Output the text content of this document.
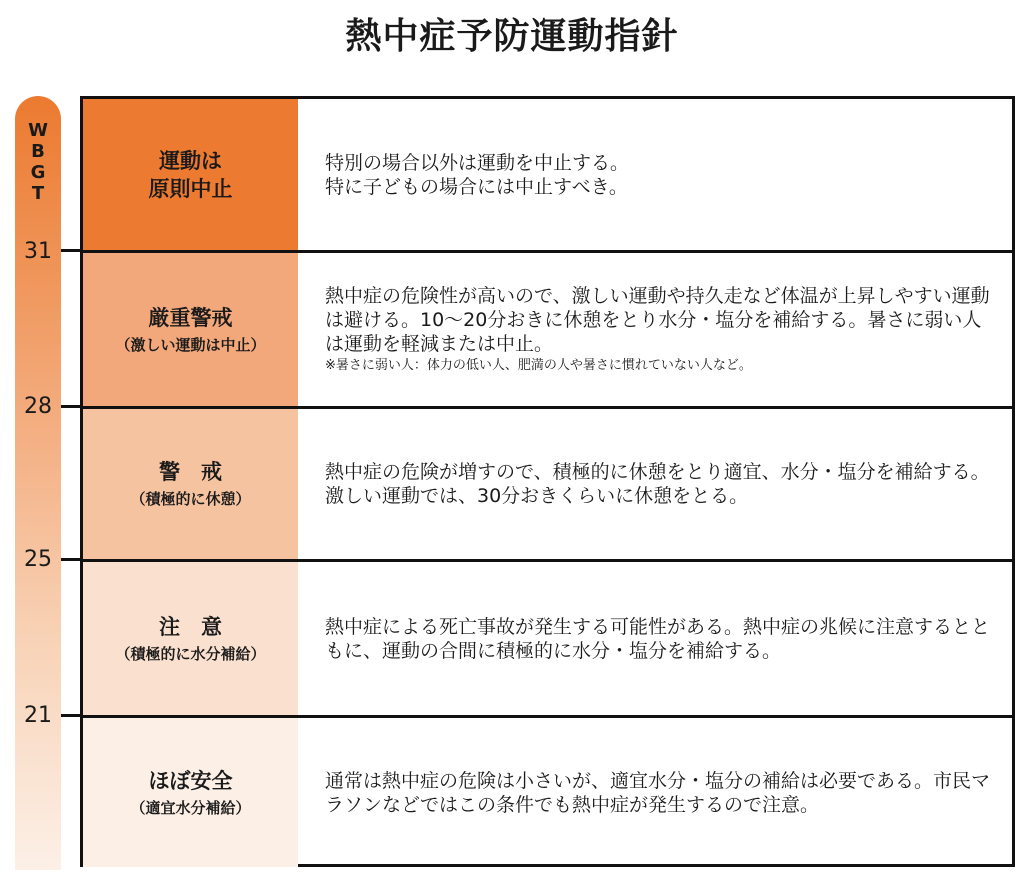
熱中症予防運動指針
W
B
G
T
31
28
25
21
運動は
原則中止
特別の場合以外は運動を中止する。
特に子どもの場合には中止すべき。
厳重警戒
（激しい運動は中止）
熱中症の危険性が高いので、激しい運動や持久走など体温が上昇しやすい運動は避ける。10～20分おきに休憩をとり水分・塩分を補給する。暑さに弱い人は運動を軽減または中止。
※暑さに弱い人：体力の低い人、肥満の人や暑さに慣れていない人など。
警　戒
（積極的に休憩）
熱中症の危険が増すので、積極的に休憩をとり適宜、水分・塩分を補給する。激しい運動では、30分おきくらいに休憩をとる。
注　意
（積極的に水分補給）
熱中症による死亡事故が発生する可能性がある。熱中症の兆候に注意するとともに、運動の合間に積極的に水分・塩分を補給する。
ほぼ安全
（適宜水分補給）
通常は熱中症の危険は小さいが、適宜水分・塩分の補給は必要である。市民マラソンなどではこの条件でも熱中症が発生するので注意。
